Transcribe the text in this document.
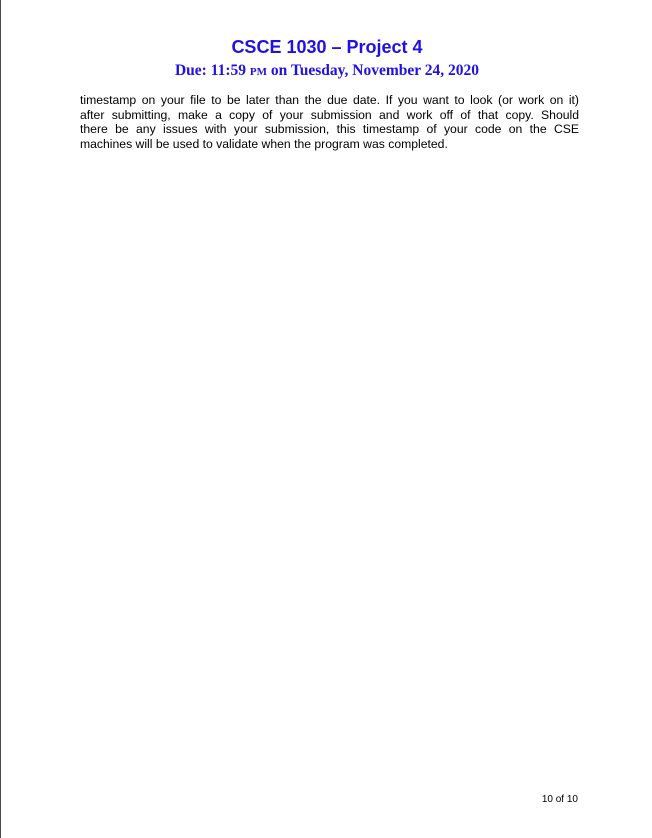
CSCE 1030 – Project 4
Due: 11:59 PM on Tuesday, November 24, 2020
timestamp on your file to be later than the due date. If you want to look (or work on it)
after submitting, make a copy of your submission and work off of that copy. Should
there be any issues with your submission, this timestamp of your code on the CSE
machines will be used to validate when the program was completed.
10 of 10
